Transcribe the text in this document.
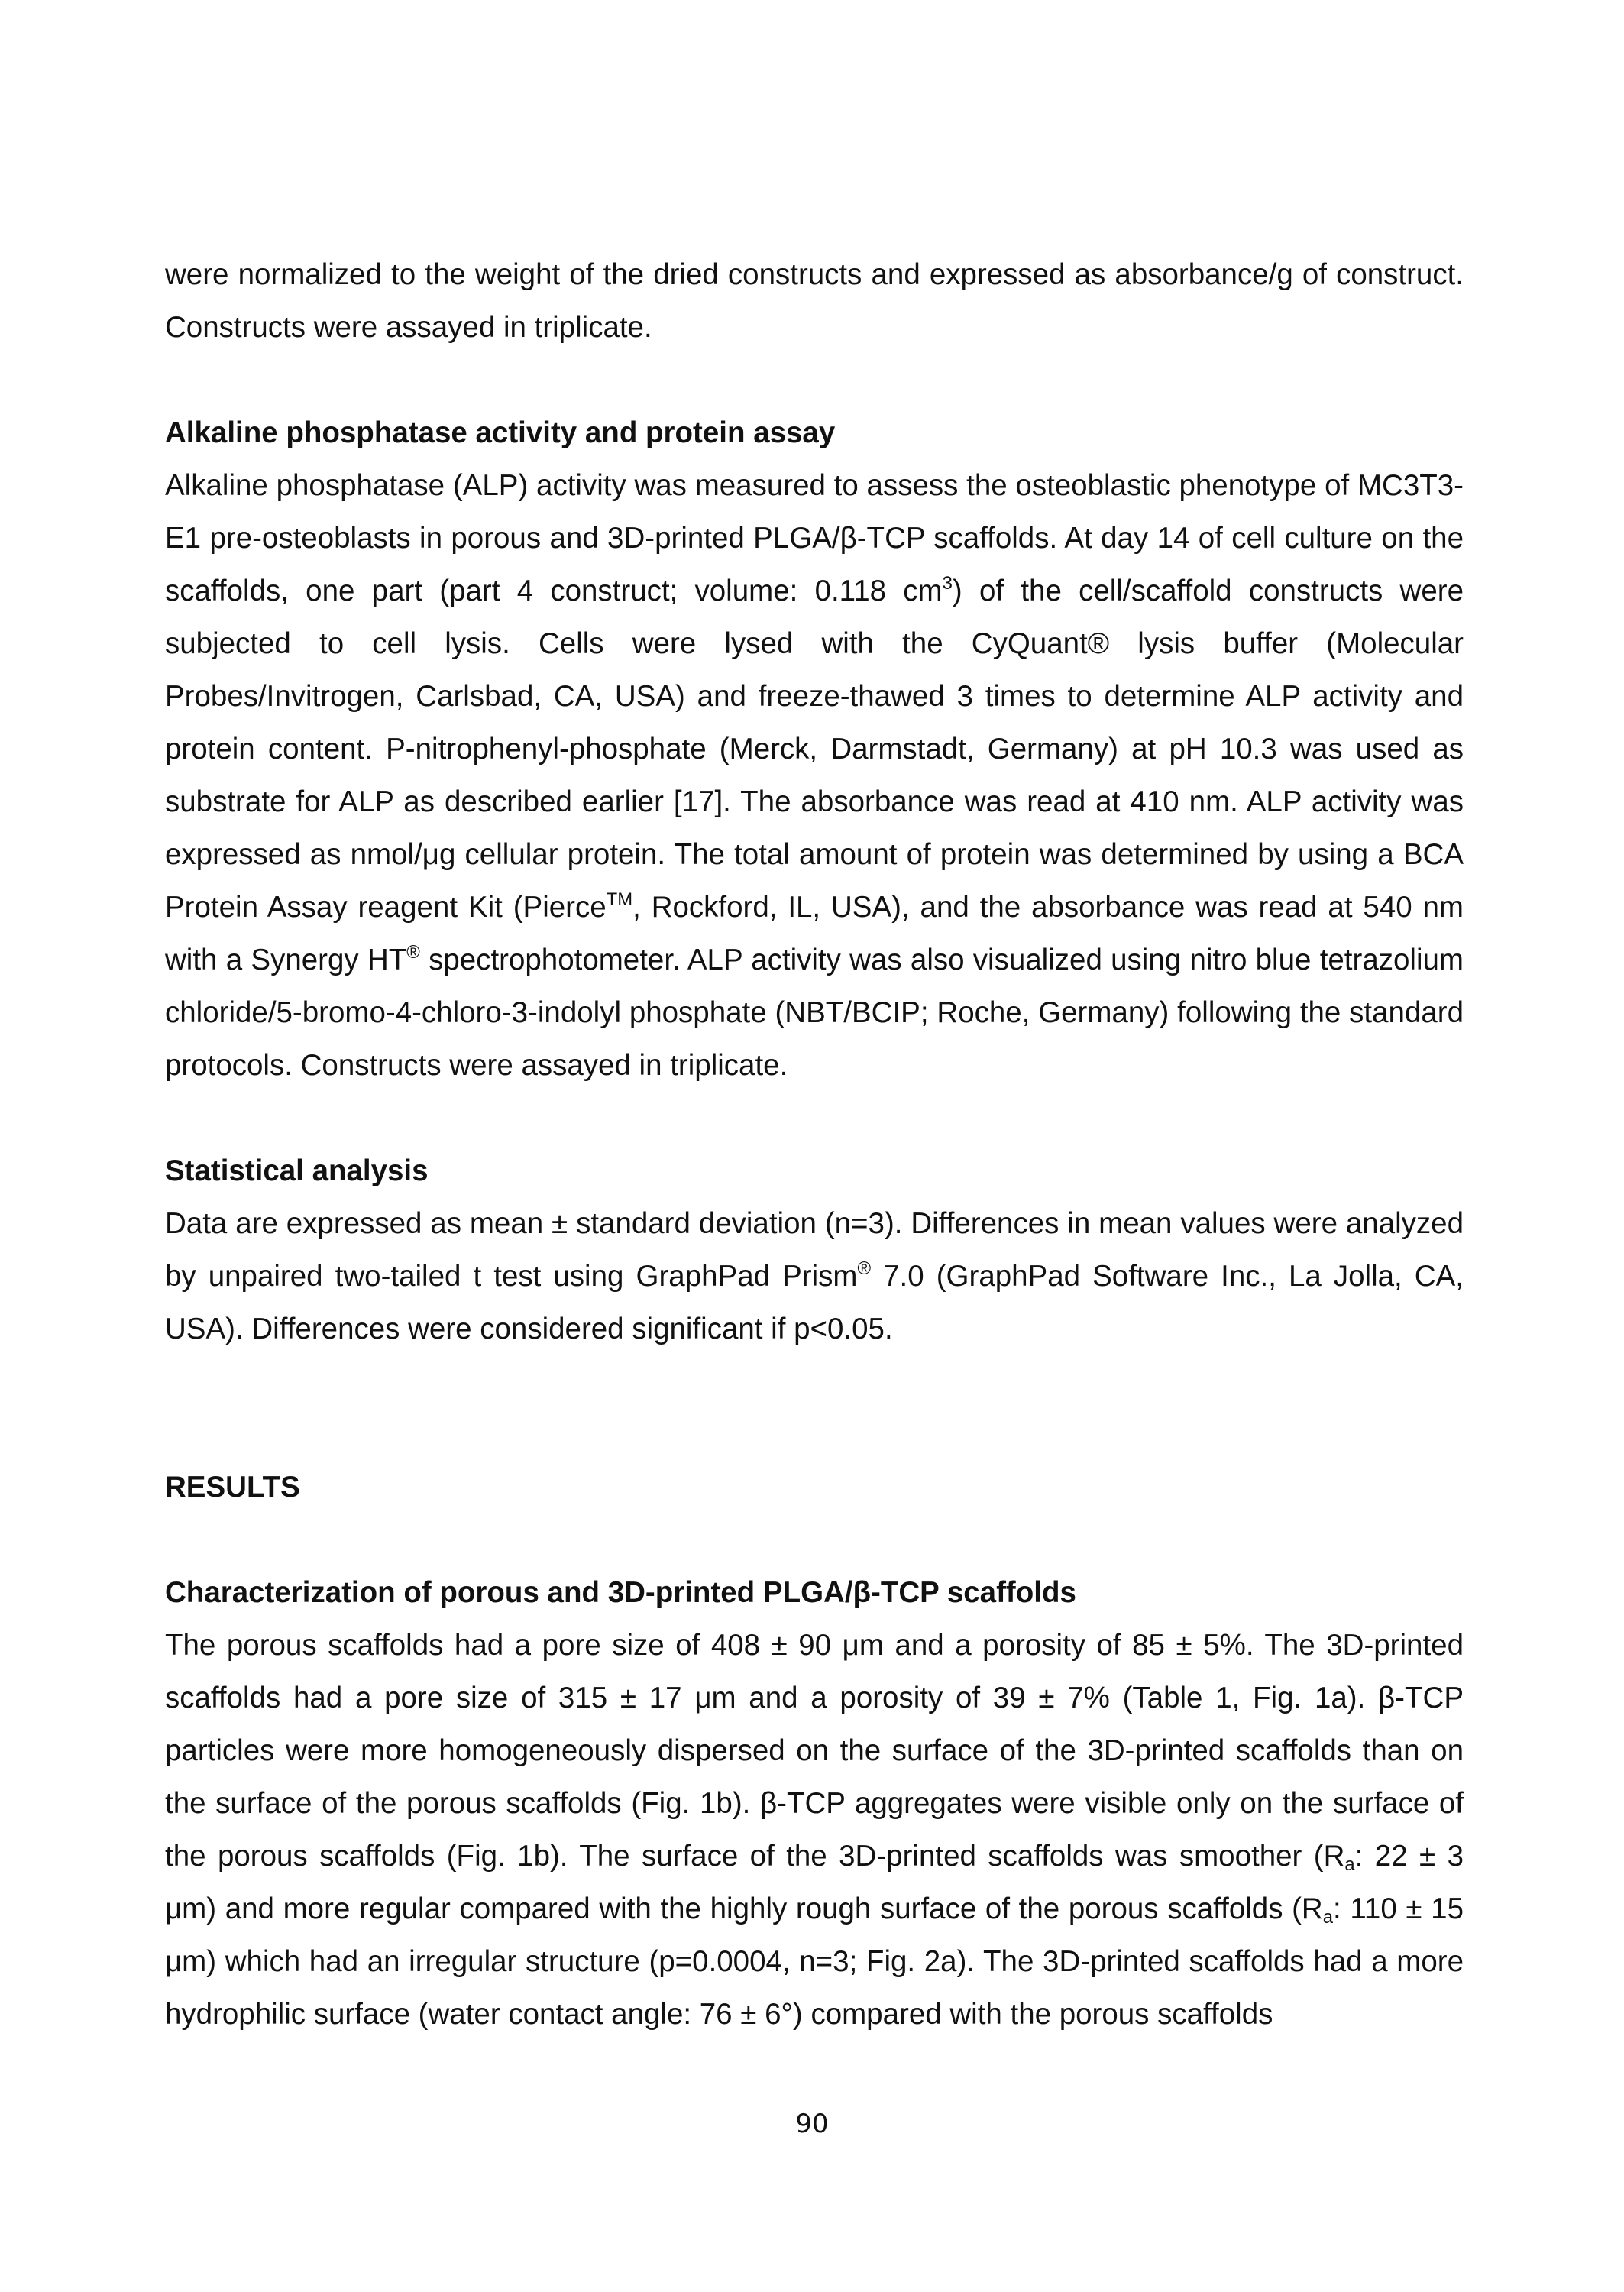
were normalized to the weight of the dried constructs and expressed as absorbance/g of construct. Constructs were assayed in triplicate.

Alkaline phosphatase activity and protein assay

Alkaline phosphatase (ALP) activity was measured to assess the osteoblastic phenotype of MC3T3-E1 pre-osteoblasts in porous and 3D-printed PLGA/β-TCP scaffolds. At day 14 of cell culture on the scaffolds, one part (part 4 construct; volume: 0.118 $cm^3$) of the cell/scaffold constructs were subjected to cell lysis. Cells were lysed with the CyQuant® lysis buffer (Molecular Probes/Invitrogen, Carlsbad, CA, USA) and freeze-thawed 3 times to determine ALP activity and protein content. P-nitrophenyl-phosphate (Merck, Darmstadt, Germany) at pH 10.3 was used as substrate for ALP as described earlier [17]. The absorbance was read at 410 nm. ALP activity was expressed as nmol/μg cellular protein. The total amount of protein was determined by using a BCA Protein Assay reagent Kit (Pierce™, Rockford, IL, USA), and the absorbance was read at 540 nm with a Synergy HT® spectrophotometer. ALP activity was also visualized using nitro blue tetrazolium chloride/5-bromo-4-chloro-3-indolyl phosphate (NBT/BCIP; Roche, Germany) following the standard protocols. Constructs were assayed in triplicate.

Statistical analysis

Data are expressed as mean ± standard deviation (n=3). Differences in mean values were analyzed by unpaired two-tailed t test using GraphPad Prism® 7.0 (GraphPad Software Inc., La Jolla, CA, USA). Differences were considered significant if p<0.05.

RESULTS
Characterization of porous and 3D-printed PLGA/β-TCP scaffolds

The porous scaffolds had a pore size of 408 ± 90 μm and a porosity of 85 ± 5%. The 3D-printed scaffolds had a pore size of 315 ± 17 μm and a porosity of 39 ± 7% (Table 1, Fig. 1a). β-TCP particles were more homogeneously dispersed on the surface of the 3D-printed scaffolds than on the surface of the porous scaffolds (Fig. 1b). β-TCP aggregates were visible only on the surface of the porous scaffolds (Fig. 1b). The surface of the 3D-printed scaffolds was smoother ($R_a$: 22 ± 3 μm) and more regular compared with the highly rough surface of the porous scaffolds ($R_a$: 110 ± 15 μm) which had an irregular structure (p=0.0004, n=3; Fig. 2a). The 3D-printed scaffolds had a more hydrophilic surface (water contact angle: 76 ± 6°) compared with the porous scaffolds

90
